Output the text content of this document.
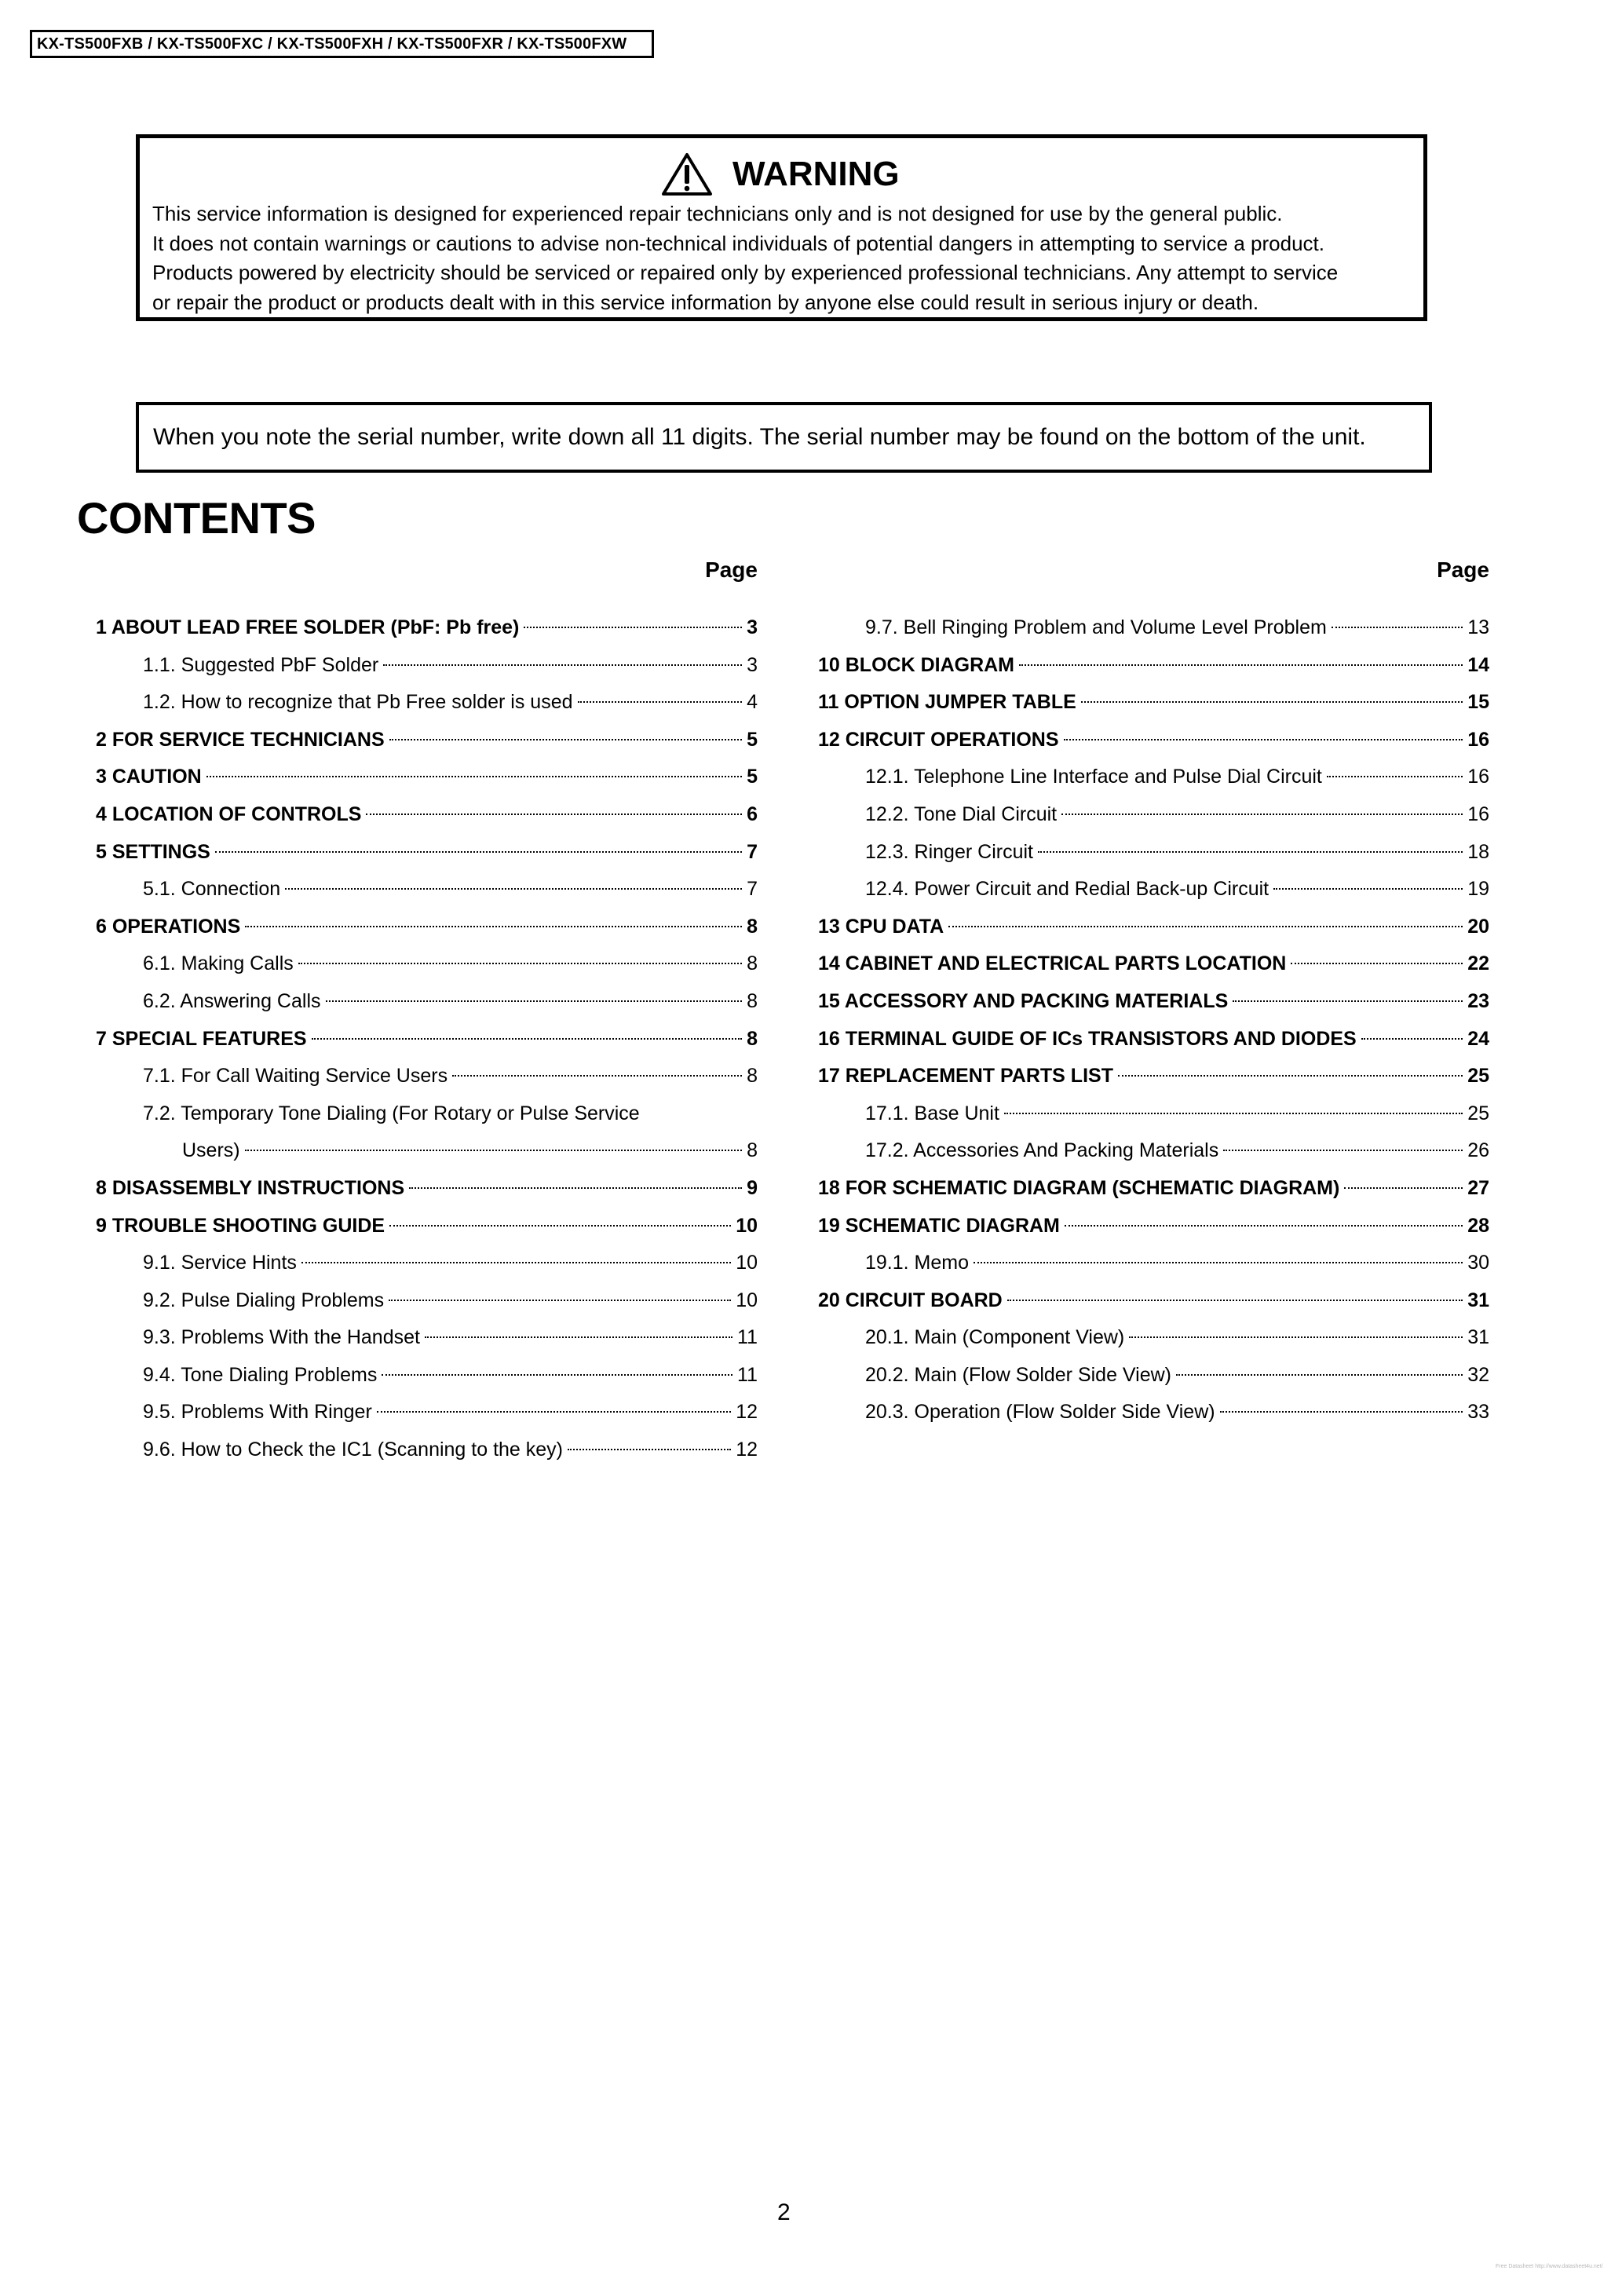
KX-TS500FXB / KX-TS500FXC / KX-TS500FXH / KX-TS500FXR / KX-TS500FXW
WARNING
This service information is designed for experienced repair technicians only and is not designed for use by the general public.
It does not contain warnings or cautions to advise non-technical individuals of potential dangers in attempting to service a product.
Products powered by electricity should be serviced or repaired only by experienced professional technicians. Any attempt to service
or repair the product or products dealt with in this service information by anyone else could result in serious injury or death.
When you note the serial number, write down all 11 digits. The serial number may be found on the bottom of the unit.
CONTENTS
Page
1 ABOUT LEAD FREE SOLDER (PbF: Pb free)	3
1.1. Suggested PbF Solder	3
1.2. How to recognize that Pb Free solder is used	4
2 FOR SERVICE TECHNICIANS	5
3 CAUTION	5
4 LOCATION OF CONTROLS	6
5 SETTINGS	7
5.1. Connection	7
6 OPERATIONS	8
6.1. Making Calls	8
6.2. Answering Calls	8
7 SPECIAL FEATURES	8
7.1. For Call Waiting Service Users	8
7.2. Temporary Tone Dialing (For Rotary or Pulse Service
Users)	8
8 DISASSEMBLY INSTRUCTIONS	9
9 TROUBLE SHOOTING GUIDE	10
9.1. Service Hints	10
9.2. Pulse Dialing Problems	10
9.3. Problems With the Handset	11
9.4. Tone Dialing Problems	11
9.5. Problems With Ringer	12
9.6. How to Check the IC1 (Scanning to the key)	12
Page
9.7. Bell Ringing Problem and Volume Level Problem	13
10 BLOCK DIAGRAM	14
11 OPTION JUMPER TABLE	15
12 CIRCUIT OPERATIONS	16
12.1. Telephone Line Interface and Pulse Dial Circuit	16
12.2. Tone Dial Circuit	16
12.3. Ringer Circuit	18
12.4. Power Circuit and Redial Back-up Circuit	19
13 CPU DATA	20
14 CABINET AND ELECTRICAL PARTS LOCATION	22
15 ACCESSORY AND PACKING MATERIALS	23
16 TERMINAL GUIDE OF ICs TRANSISTORS AND DIODES	24
17 REPLACEMENT PARTS LIST	25
17.1. Base Unit	25
17.2. Accessories And Packing Materials	26
18 FOR SCHEMATIC DIAGRAM (SCHEMATIC DIAGRAM)	27
19 SCHEMATIC DIAGRAM	28
19.1. Memo	30
20 CIRCUIT BOARD	31
20.1. Main (Component View)	31
20.2. Main (Flow Solder Side View)	32
20.3. Operation (Flow Solder Side View)	33
2
Free Datasheet http://www.datasheet4u.net/
